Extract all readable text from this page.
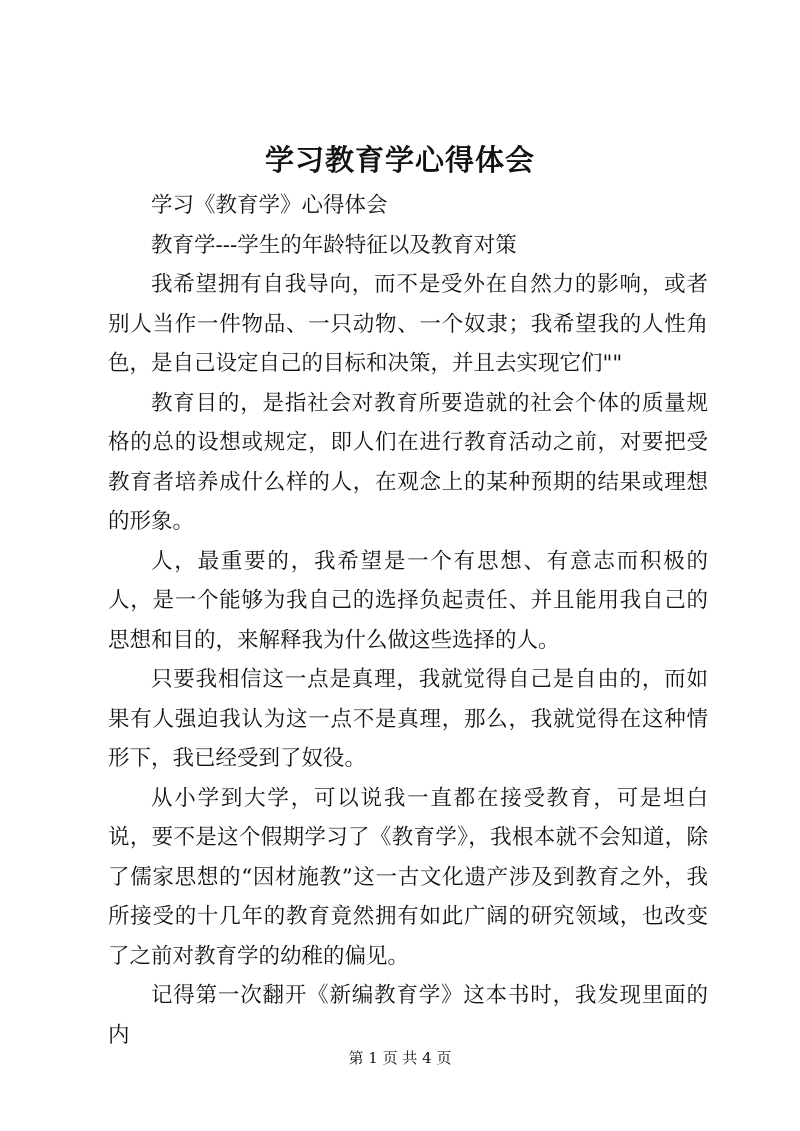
学习教育学心得体会

学习《教育学》心得体会

教育学---学生的年龄特征以及教育对策

我希望拥有自我导向，而不是受外在自然力的影响，或者别人当作一件物品、一只动物、一个奴隶；我希望我的人性角色，是自己设定自己的目标和决策，并且去实现它们""

教育目的，是指社会对教育所要造就的社会个体的质量规格的总的设想或规定，即人们在进行教育活动之前，对要把受教育者培养成什么样的人，在观念上的某种预期的结果或理想的形象。

人，最重要的，我希望是一个有思想、有意志而积极的人，是一个能够为我自己的选择负起责任、并且能用我自己的思想和目的，来解释我为什么做这些选择的人。

只要我相信这一点是真理，我就觉得自己是自由的，而如果有人强迫我认为这一点不是真理，那么，我就觉得在这种情形下，我已经受到了奴役。

从小学到大学，可以说我一直都在接受教育，可是坦白说，要不是这个假期学习了《教育学》，我根本就不会知道，除了儒家思想的“因材施教”这一古文化遗产涉及到教育之外，我所接受的十几年的教育竟然拥有如此广阔的研究领域，也改变了之前对教育学的幼稚的偏见。

记得第一次翻开《新编教育学》这本书时，我发现里面的内

第 1 页 共 4 页
